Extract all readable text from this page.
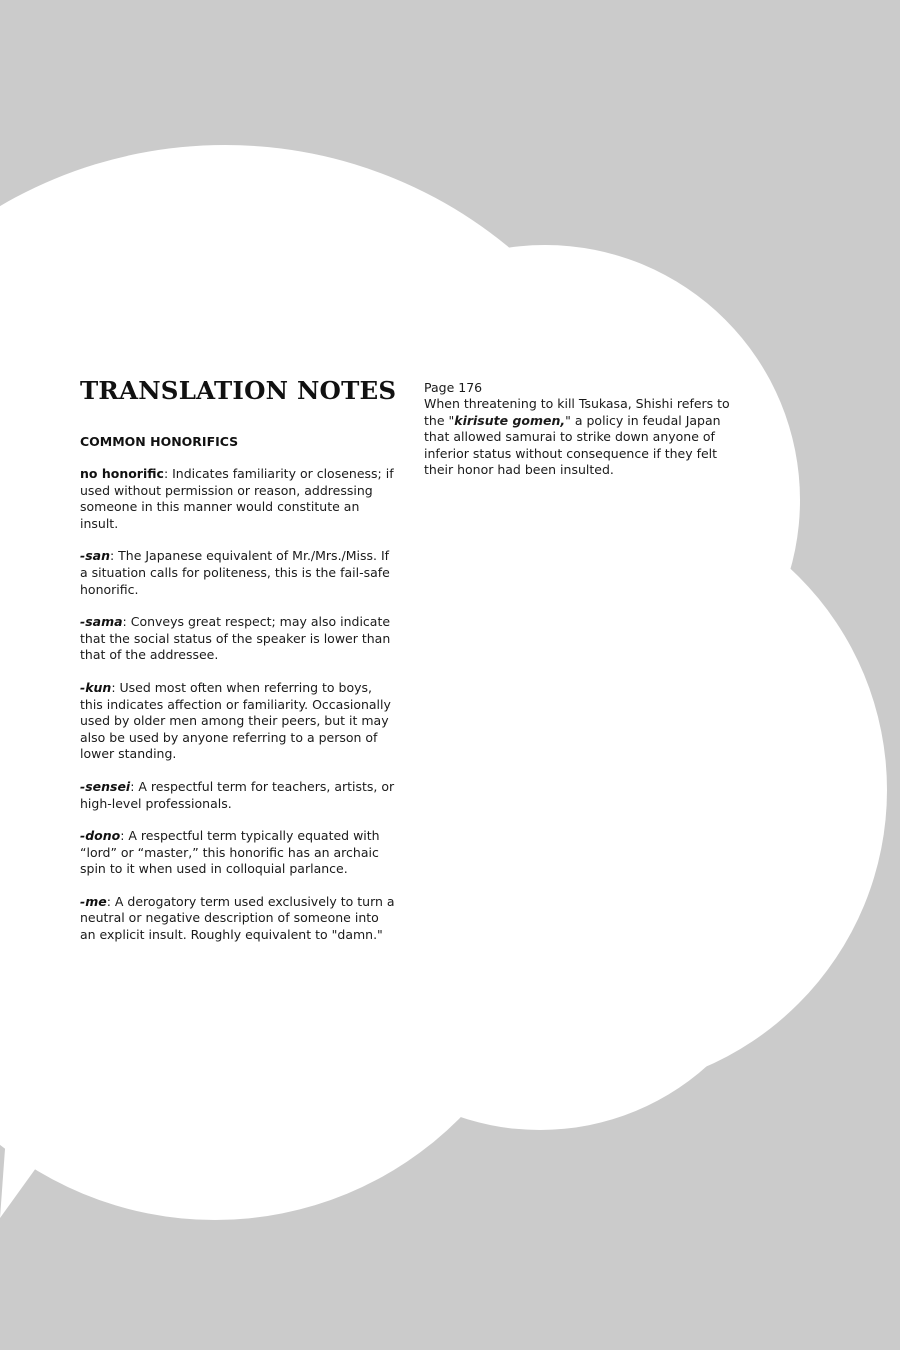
TRANSLATION NOTES
COMMON HONORIFICS

no honorific: Indicates familiarity or closeness; if used without permission or reason, addressing someone in this manner would constitute an insult.

-san: The Japanese equivalent of Mr./Mrs./Miss. If a situation calls for politeness, this is the fail-safe honorific.

-sama: Conveys great respect; may also indicate that the social status of the speaker is lower than that of the addressee.

-kun: Used most often when referring to boys, this indicates affection or familiarity. Occasionally used by older men among their peers, but it may also be used by anyone referring to a person of lower standing.

-sensei: A respectful term for teachers, artists, or high-level professionals.

-dono: A respectful term typically equated with “lord” or “master,” this honorific has an archaic spin to it when used in colloquial parlance.

-me: A derogatory term used exclusively to turn a neutral or negative description of someone into an explicit insult. Roughly equivalent to "damn."

Page 176

When threatening to kill Tsukasa, Shishi refers to the "kirisute gomen," a policy in feudal Japan that allowed samurai to strike down anyone of inferior status without consequence if they felt their honor had been insulted.
